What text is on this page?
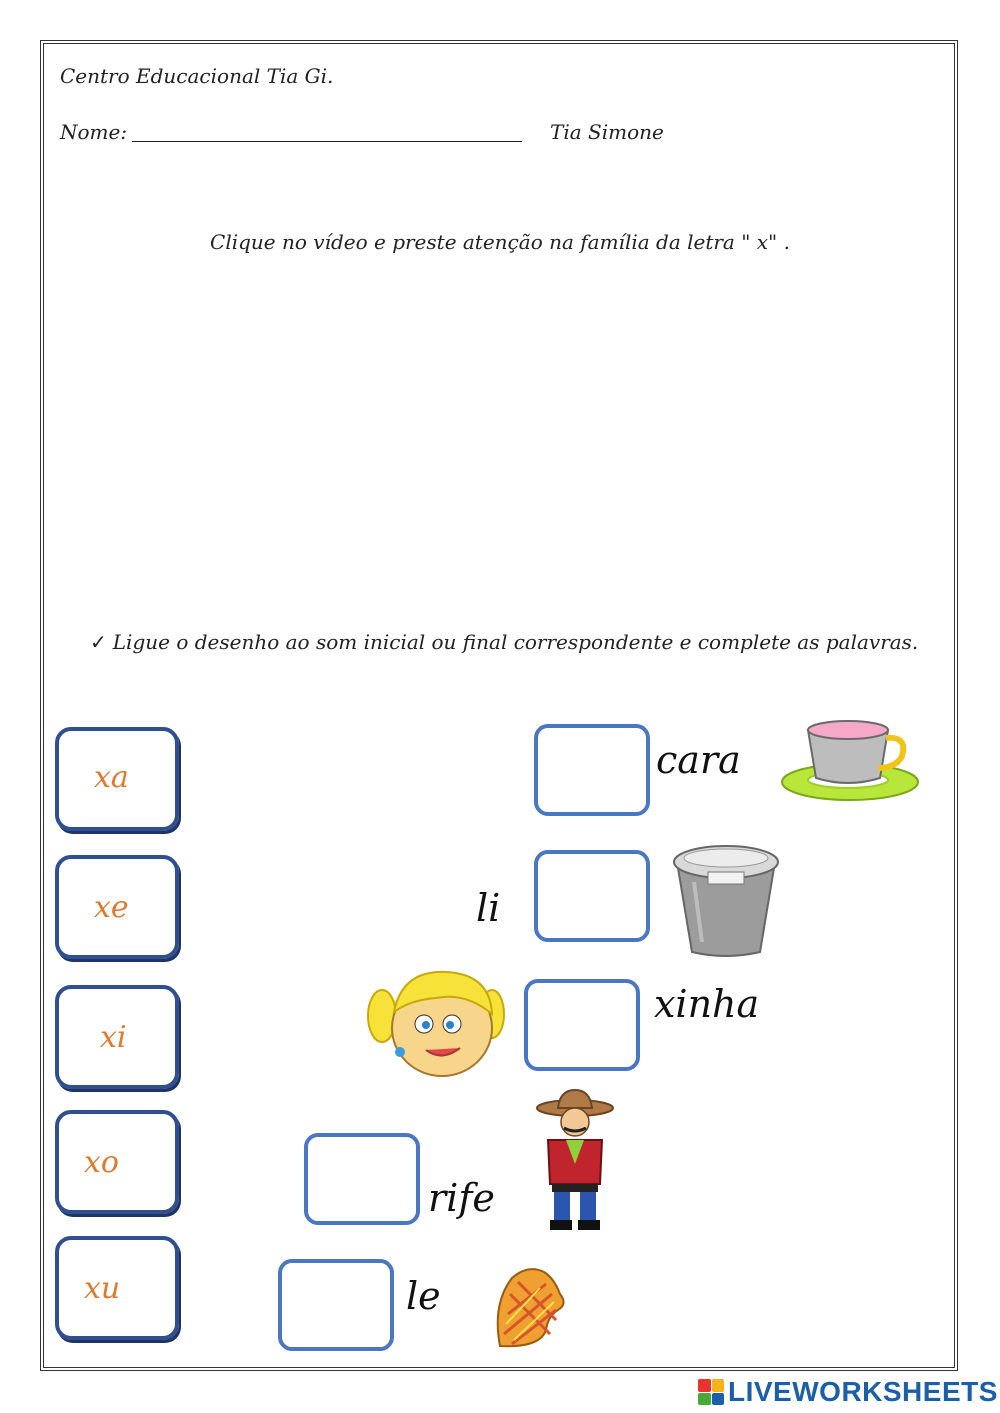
Centro Educacional Tia Gi.
Nome:	Tia Simone
Clique no vídeo e preste atenção na família da letra " x" .
✓ Ligue o desenho ao som inicial ou final correspondente e complete as palavras.
xa
xe
xi
xo
xu
cara
li
xinha
rife
le
LIVEWORKSHEETS
